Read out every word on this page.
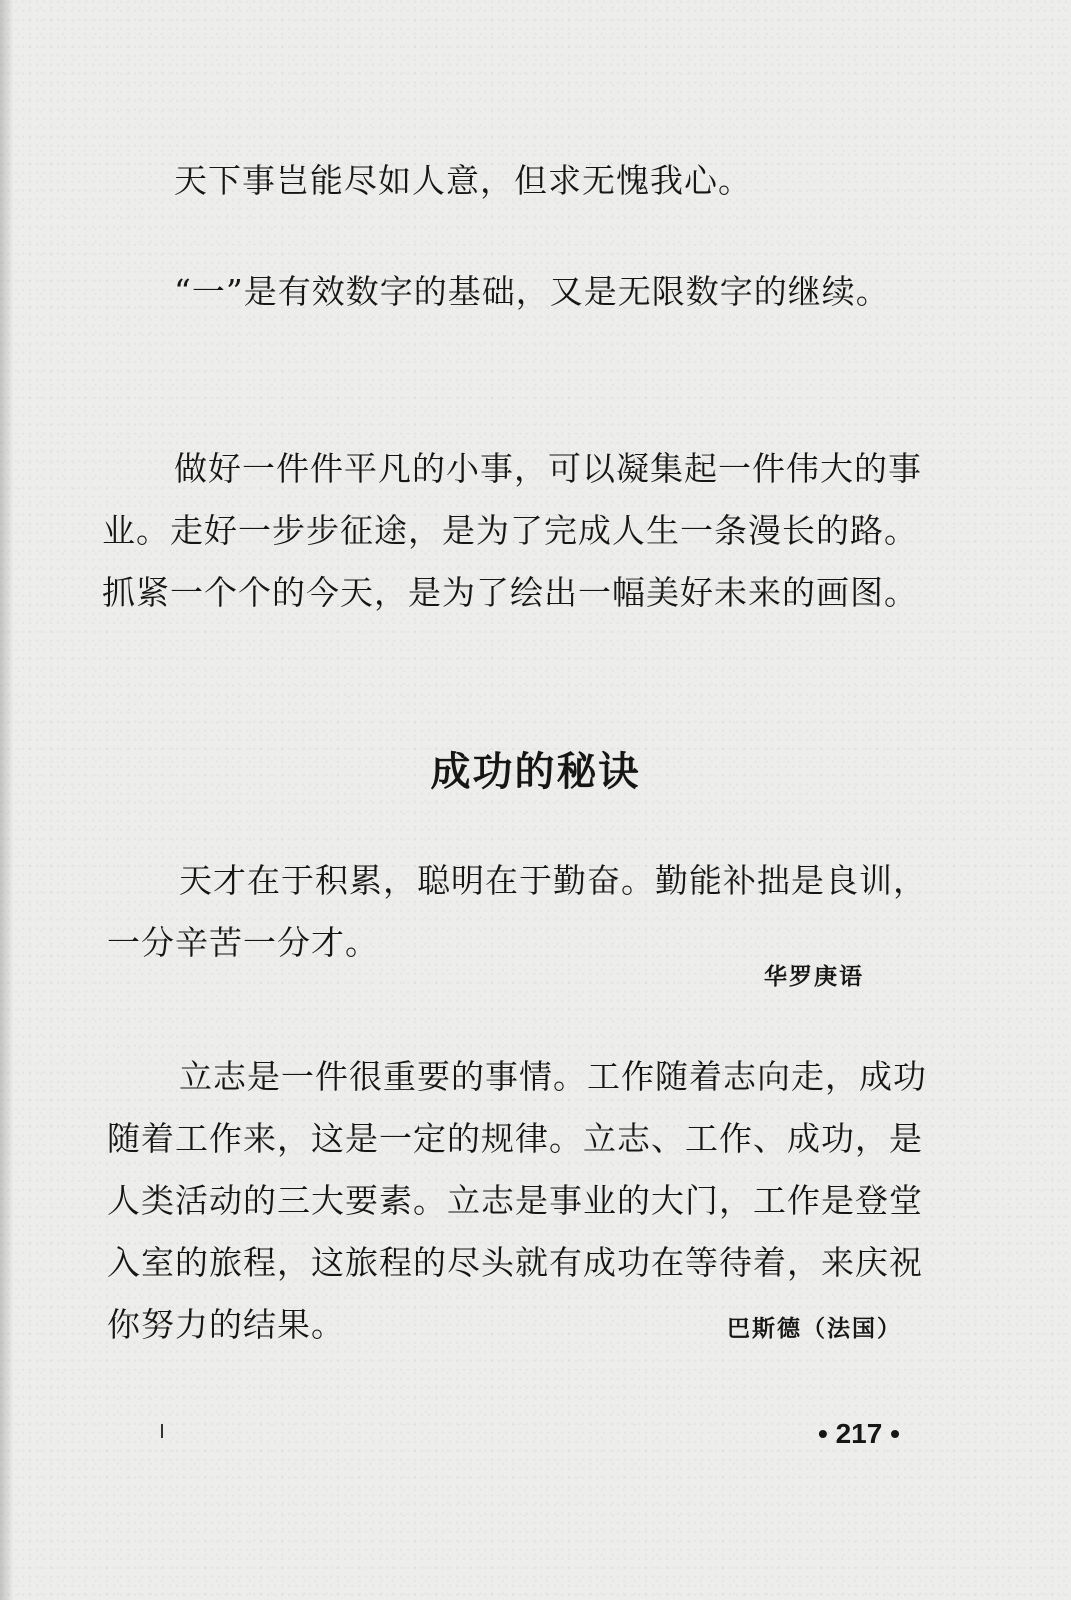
天下事岂能尽如人意，但求无愧我心。

“一”是有效数字的基础，又是无限数字的继续。

做好一件件平凡的小事，可以凝集起一件伟大的事业。走好一步步征途，是为了完成人生一条漫长的路。抓紧一个个的今天，是为了绘出一幅美好未来的画图。

成功的秘诀

天才在于积累，聪明在于勤奋。勤能补拙是良训，一分辛苦一分才。

华罗庚语

立志是一件很重要的事情。工作随着志向走，成功随着工作来，这是一定的规律。立志、工作、成功，是人类活动的三大要素。立志是事业的大门，工作是登堂入室的旅程，这旅程的尽头就有成功在等待着，来庆祝你努力的结果。	巴斯德（法国）

• 217 •
